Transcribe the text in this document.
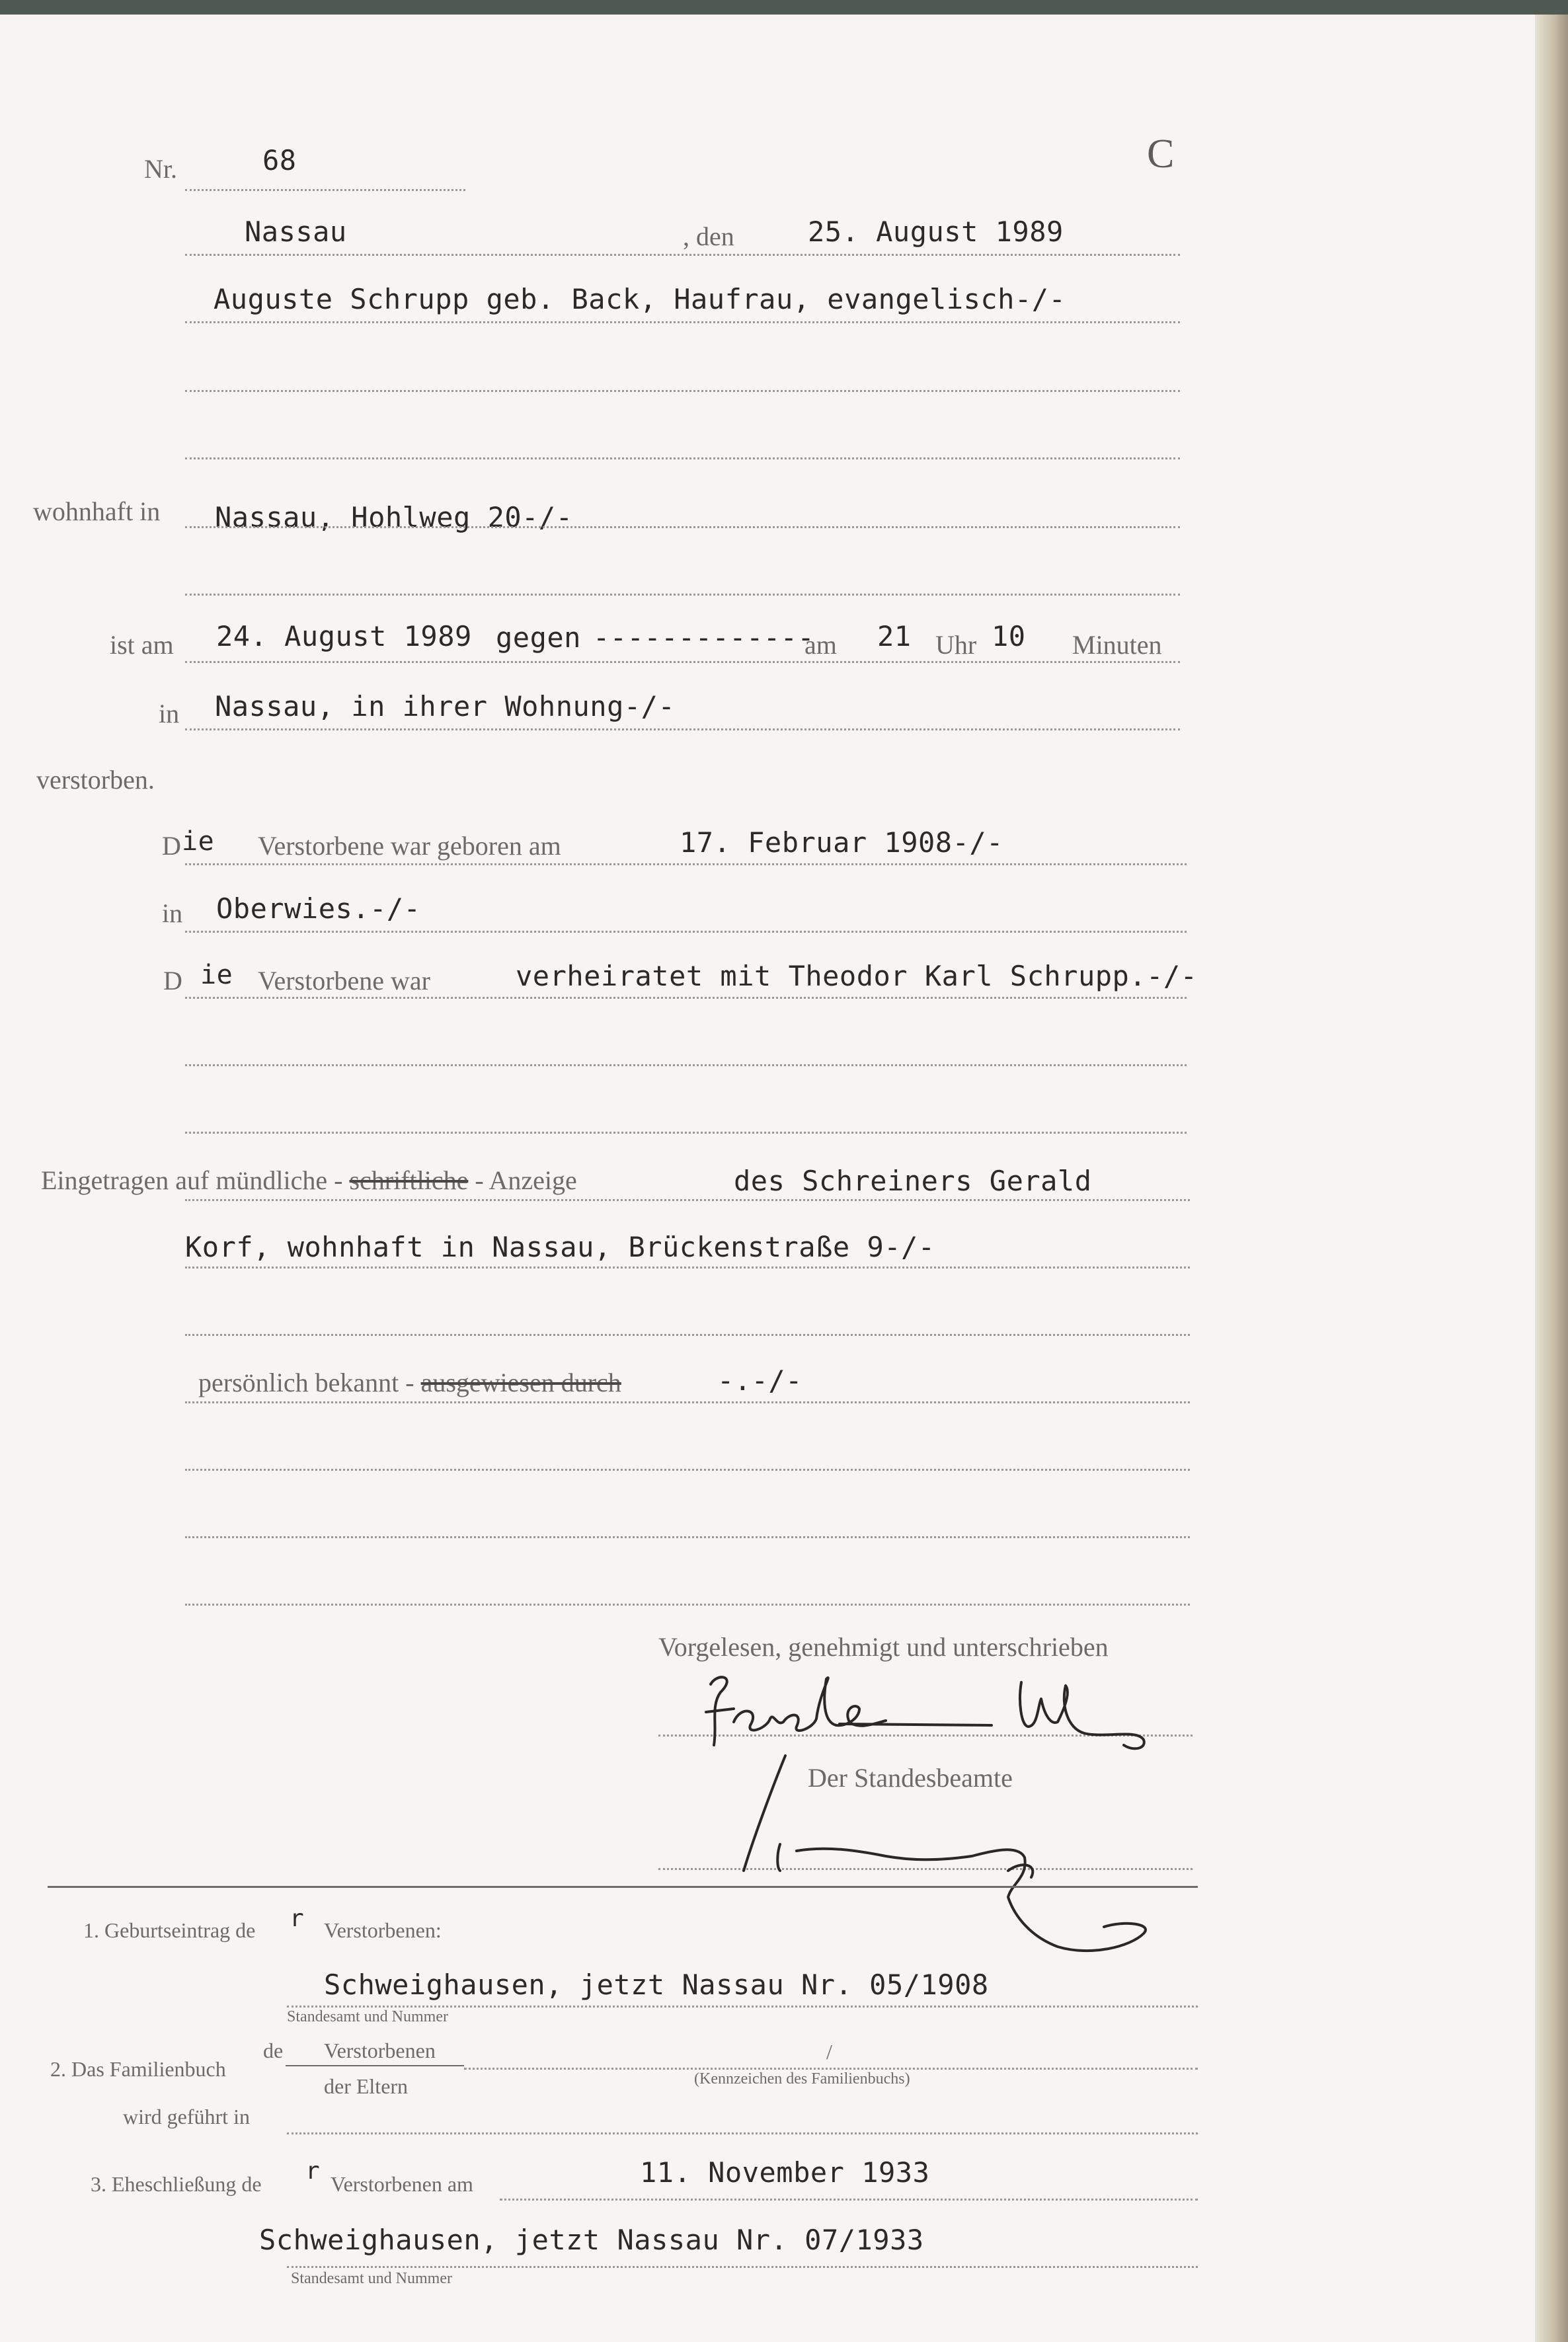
Nr.	68	C
Nassau	, den	25. August 1989
Auguste Schrupp geb. Back, Haufrau, evangelisch-/-
wohnhaft in Nassau, Hohlweg 20-/-
ist am 24. August 1989 gegen -------------
am 21 Uhr 10 Minuten
in Nassau, in ihrer Wohnung-/-
verstorben.
D ie Verstorbene war geboren am	17. Februar 1908-/-
in Oberwies.-/-
D ie Verstorbene war	verheiratet mit Theodor Karl Schrupp.-/-
Eingetragen auf mündliche - schriftliche - Anzeige	des Schreiners Gerald
Korf, wohnhaft in Nassau, Brückenstraße 9-/-
persönlich bekannt - ausgewiesen durch	-.-/-
Vorgelesen, genehmigt und unterschrieben
Der Standesbeamte
1. Geburtseintrag de r Verstorbenen:
Schweighausen, jetzt Nassau Nr. 05/1908
Standesamt und Nummer
2. Das Familienbuch
de Verstorbenen
der Eltern
/
(Kennzeichen des Familienbuchs)
wird geführt in
3. Eheschließung de r Verstorbenen am	11. November 1933
Schweighausen, jetzt Nassau Nr. 07/1933
Standesamt und Nummer
